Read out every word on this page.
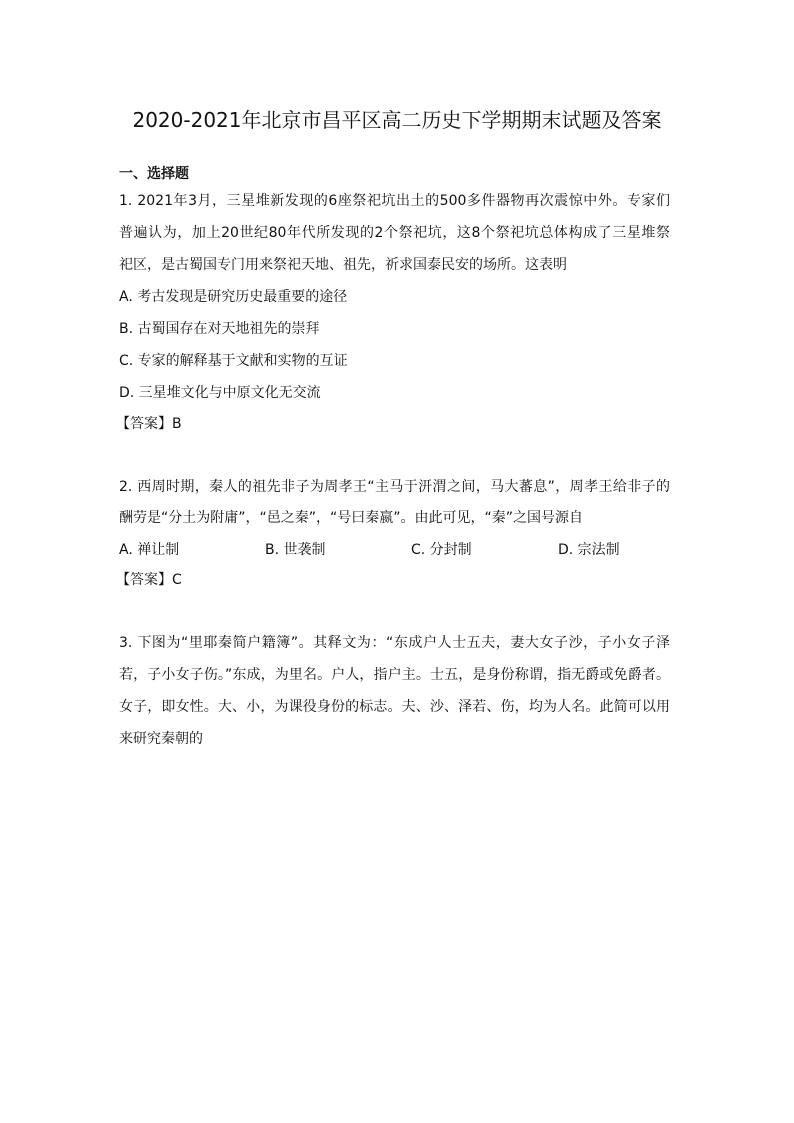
2020-2021年北京市昌平区高二历史下学期期末试题及答案
一、选择题
1. 2021年3月，三星堆新发现的6座祭祀坑出土的500多件器物再次震惊中外。专家们
普遍认为，加上20世纪80年代所发现的2个祭祀坑，这8个祭祀坑总体构成了三星堆祭
祀区，是古蜀国专门用来祭祀天地、祖先，祈求国泰民安的场所。这表明
A. 考古发现是研究历史最重要的途径
B. 古蜀国存在对天地祖先的崇拜
C. 专家的解释基于文献和实物的互证
D. 三星堆文化与中原文化无交流
【答案】B
2. 西周时期，秦人的祖先非子为周孝王“主马于汧渭之间，马大蕃息”，周孝王给非子的
酬劳是“分土为附庸”，“邑之秦”，“号曰秦嬴”。由此可见，“秦”之国号源自
A. 禅让制	B. 世袭制	C. 分封制	D. 宗法制
【答案】C
3. 下图为“里耶秦简户籍簿”。其释文为：“东成户人士五夫，妻大女子沙，子小女子泽
若，子小女子伤。”东成，为里名。户人，指户主。士五，是身份称谓，指无爵或免爵者。
女子，即女性。大、小，为课役身份的标志。夫、沙、泽若、伤，均为人名。此简可以用
来研究秦朝的
